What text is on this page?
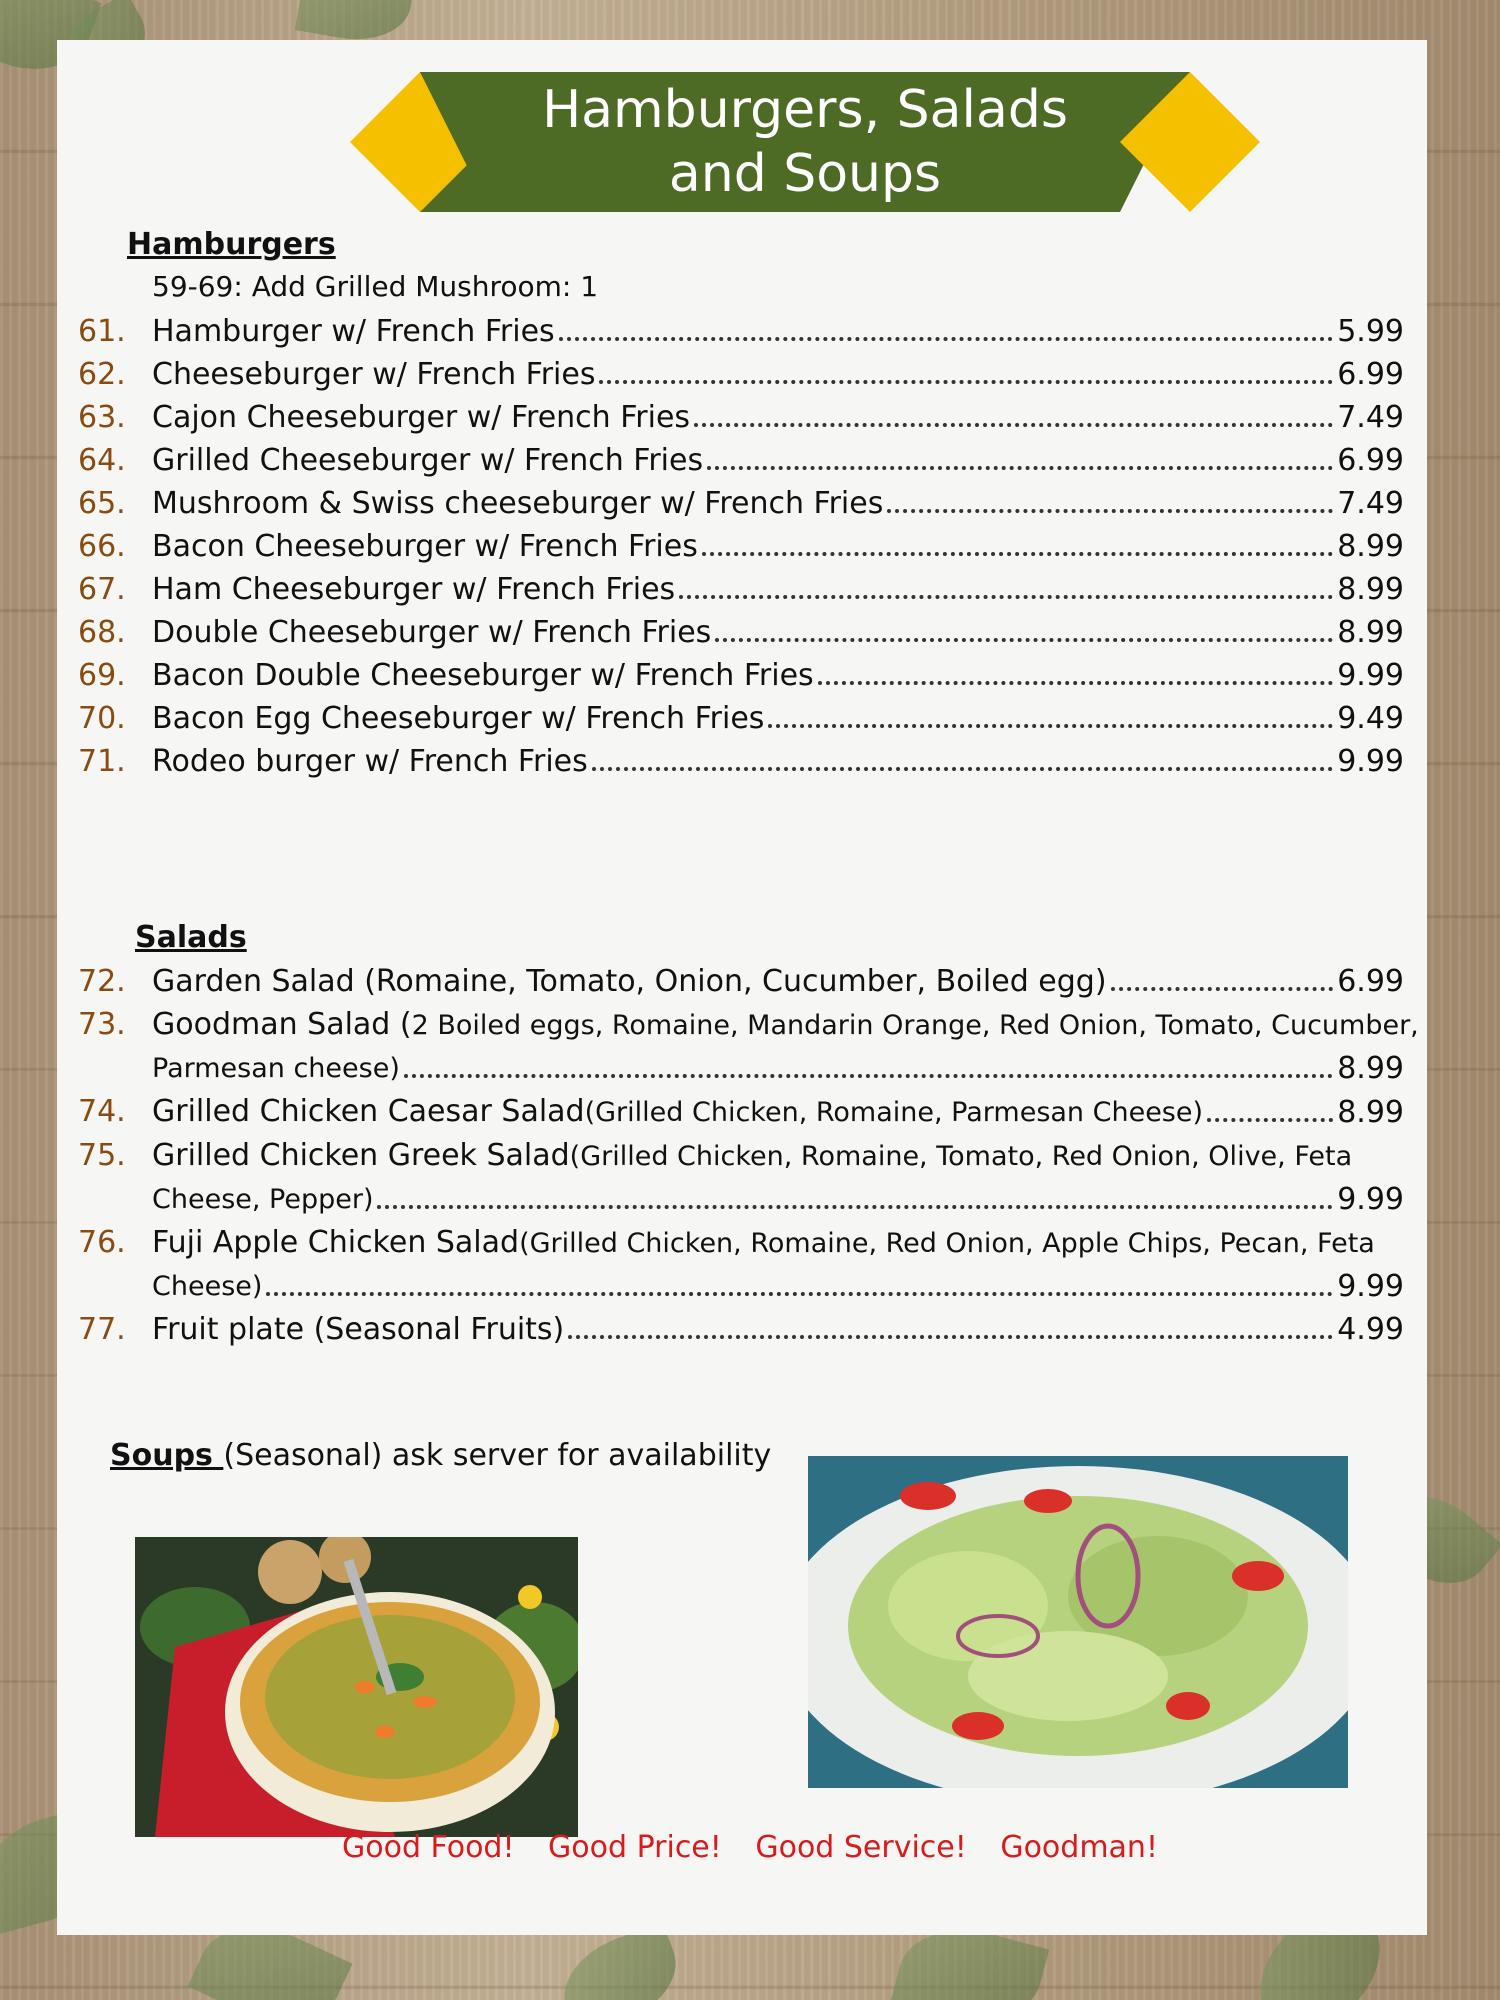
Hamburgers, Salads and Soups
Hamburgers
59-69: Add Grilled Mushroom: 1
61. Hamburger w/ French Fries	5.99
62. Cheeseburger w/ French Fries	6.99
63. Cajon Cheeseburger w/ French Fries	7.49
64. Grilled Cheeseburger w/ French Fries	6.99
65. Mushroom & Swiss cheeseburger w/ French Fries	7.49
66. Bacon Cheeseburger w/ French Fries	8.99
67. Ham Cheeseburger w/ French Fries	8.99
68. Double Cheeseburger w/ French Fries	8.99
69. Bacon Double Cheeseburger w/ French Fries	9.99
70. Bacon Egg Cheeseburger w/ French Fries	9.49
71. Rodeo burger w/ French Fries	9.99
Salads
72. Garden Salad (Romaine, Tomato, Onion, Cucumber, Boiled egg)	6.99
73. Goodman Salad (2 Boiled eggs, Romaine, Mandarin Orange, Red Onion, Tomato, Cucumber,
Parmesan cheese)	8.99
74. Grilled Chicken Caesar Salad(Grilled Chicken, Romaine, Parmesan Cheese)	8.99
75. Grilled Chicken Greek Salad(Grilled Chicken, Romaine, Tomato, Red Onion, Olive, Feta
Cheese, Pepper)	9.99
76. Fuji Apple Chicken Salad(Grilled Chicken, Romaine, Red Onion, Apple Chips, Pecan, Feta
Cheese)	9.99
77. Fruit plate (Seasonal Fruits)	4.99
Soups (Seasonal) ask server for availability
Good Food! Good Price! Good Service! Goodman!
